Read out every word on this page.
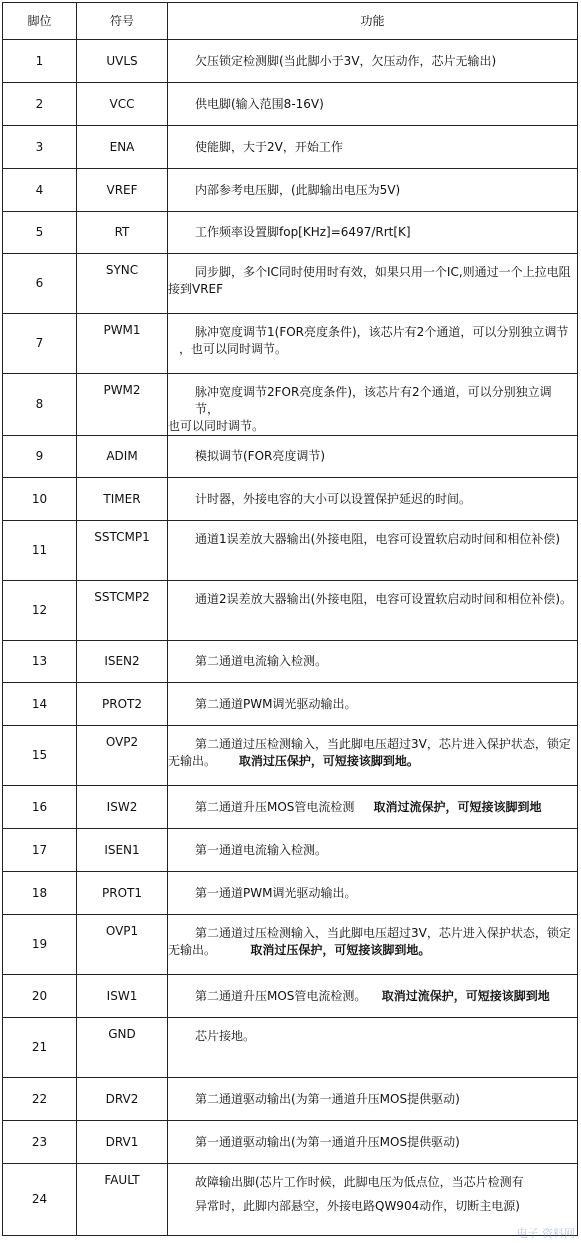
脚位	符号	功能
1	UVLS	欠压锁定检测脚(当此脚小于3V，欠压动作，芯片无输出)
2	VCC	供电脚(输入范围8-16V)
3	ENA	使能脚，大于2V，开始工作
4	VREF	内部参考电压脚，(此脚输出电压为5V)
5	RT	工作频率设置脚fop[KHz]=6497/Rrt[K]
6	SYNC	同步脚，多个IC同时使用时有效，如果只用一个IC,则通过一个上拉电阻
接到VREF

7	PWM1	脉冲宽度调节1(FOR亮度条件)，该芯片有2个通道，可以分别独立调节
，也可以同时调节。

8	PWM2	脉冲宽度调节2FOR亮度条件)，该芯片有2个通道，可以分别独立调节，
也可以同时调节。

9	ADIM	模拟调节(FOR亮度调节)
10	TIMER	计时器，外接电容的大小可以设置保护延迟的时间。
11	SSTCMP1	通道1误差放大器输出(外接电阻，电容可设置软启动时间和相位补偿)
12	SSTCMP2	通道2误差放大器输出(外接电阻，电容可设置软启动时间和相位补偿)。
13	ISEN2	第二通道电流输入检测。
14	PROT2	第二通道PWM调光驱动输出。
15	OVP2	第二通道过压检测输入，当此脚电压超过3V，芯片进入保护状态，锁定
无输出。 取消过压保护，可短接该脚到地。

16	ISW2	第二通道升压MOS管电流检测 取消过流保护，可短接该脚到地
17	ISEN1	第一通道电流输入检测。
18	PROT1	第一通道PWM调光驱动输出。
19	OVP1	第二通道过压检测输入，当此脚电压超过3V，芯片进入保护状态，锁定
无输出。 取消过压保护，可短接该脚到地。

20	ISW1	第二通道升压MOS管电流检测。 取消过流保护，可短接该脚到地
21	GND	芯片接地。
22	DRV2	第二通道驱动输出(为第一通道升压MOS提供驱动)
23	DRV1	第一通道驱动输出(为第一通道升压MOS提供驱动)
24	FAULT	故障输出脚(芯片工作时候，此脚电压为低点位，当芯片检测有
异常时，此脚内部悬空，外接电路QW904动作，切断主电源)
电子 资料网
